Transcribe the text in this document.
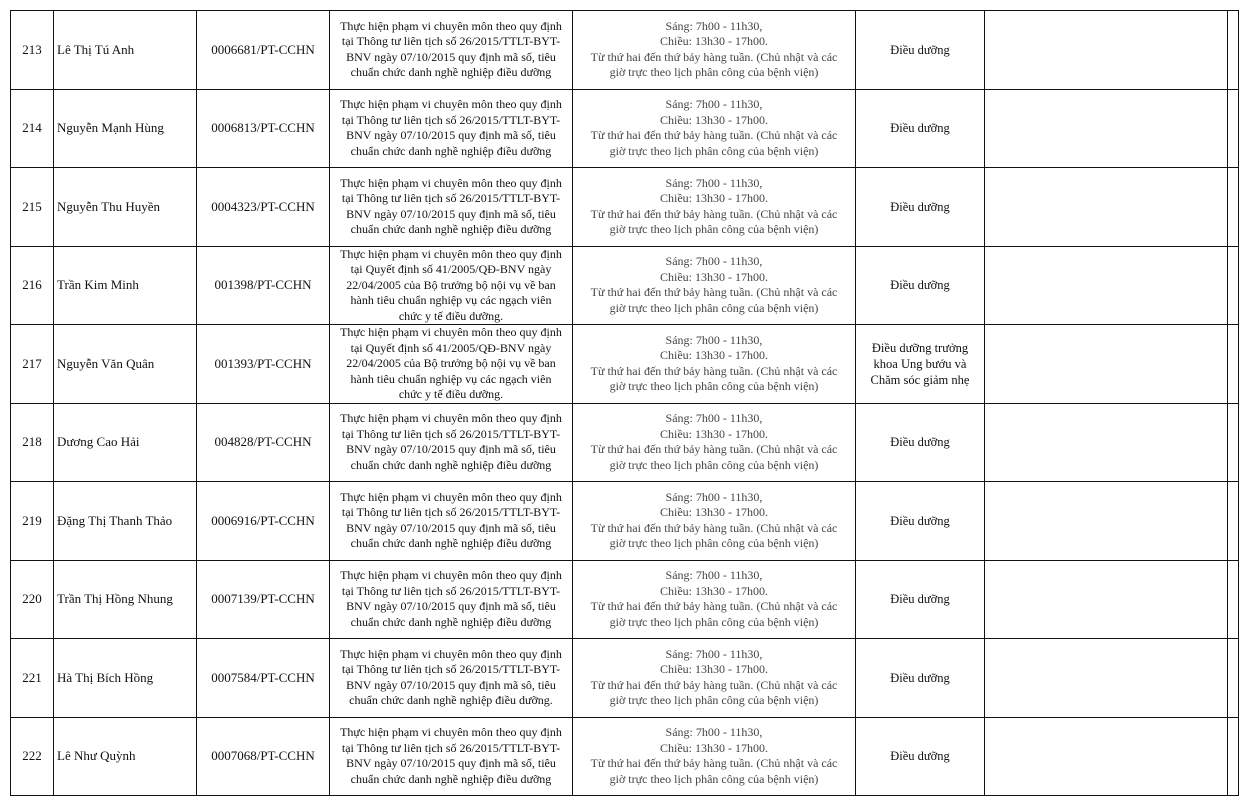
213	Lê Thị Tú Anh	0006681/PT-CCHN	Thực hiện phạm vi chuyên môn theo quy định
tại Thông tư liên tịch số 26/2015/TTLT-BYT-
BNV ngày 07/10/2015 quy định mã số, tiêu
chuẩn chức danh nghề nghiệp điều dưỡng	Sáng: 7h00 - 11h30,
Chiều: 13h30 - 17h00.
Từ thứ hai đến thứ bảy hàng tuần. (Chủ nhật và các
giờ trực theo lịch phân công của bệnh viện)	Điều dưỡng		

214	Nguyễn Mạnh Hùng	0006813/PT-CCHN	Thực hiện phạm vi chuyên môn theo quy định
tại Thông tư liên tịch số 26/2015/TTLT-BYT-
BNV ngày 07/10/2015 quy định mã số, tiêu
chuẩn chức danh nghề nghiệp điều dưỡng	Sáng: 7h00 - 11h30,
Chiều: 13h30 - 17h00.
Từ thứ hai đến thứ bảy hàng tuần. (Chủ nhật và các
giờ trực theo lịch phân công của bệnh viện)	Điều dưỡng		

215	Nguyễn Thu Huyền	0004323/PT-CCHN	Thực hiện phạm vi chuyên môn theo quy định
tại Thông tư liên tịch số 26/2015/TTLT-BYT-
BNV ngày 07/10/2015 quy định mã số, tiêu
chuẩn chức danh nghề nghiệp điều dưỡng	Sáng: 7h00 - 11h30,
Chiều: 13h30 - 17h00.
Từ thứ hai đến thứ bảy hàng tuần. (Chủ nhật và các
giờ trực theo lịch phân công của bệnh viện)	Điều dưỡng		

216	Trần Kim Minh	001398/PT-CCHN	Thực hiện phạm vi chuyên môn theo quy định
tại Quyết định số 41/2005/QĐ-BNV ngày
22/04/2005 của Bộ trưởng bộ nội vụ về ban
hành tiêu chuẩn nghiệp vụ các ngạch viên
chức y tế điều dưỡng.	Sáng: 7h00 - 11h30,
Chiều: 13h30 - 17h00.
Từ thứ hai đến thứ bảy hàng tuần. (Chủ nhật và các
giờ trực theo lịch phân công của bệnh viện)	Điều dưỡng		

217	Nguyễn Văn Quân	001393/PT-CCHN	Thực hiện phạm vi chuyên môn theo quy định
tại Quyết định số 41/2005/QĐ-BNV ngày
22/04/2005 của Bộ trưởng bộ nội vụ về ban
hành tiêu chuẩn nghiệp vụ các ngạch viên
chức y tế điều dưỡng.	Sáng: 7h00 - 11h30,
Chiều: 13h30 - 17h00.
Từ thứ hai đến thứ bảy hàng tuần. (Chủ nhật và các
giờ trực theo lịch phân công của bệnh viện)	Điều dưỡng trưởng
khoa Ung bướu và
Chăm sóc giảm nhẹ		

218	Dương Cao Hải	004828/PT-CCHN	Thực hiện phạm vi chuyên môn theo quy định
tại Thông tư liên tịch số 26/2015/TTLT-BYT-
BNV ngày 07/10/2015 quy định mã số, tiêu
chuẩn chức danh nghề nghiệp điều dưỡng	Sáng: 7h00 - 11h30,
Chiều: 13h30 - 17h00.
Từ thứ hai đến thứ bảy hàng tuần. (Chủ nhật và các
giờ trực theo lịch phân công của bệnh viện)	Điều dưỡng		

219	Đặng Thị Thanh Thảo	0006916/PT-CCHN	Thực hiện phạm vi chuyên môn theo quy định
tại Thông tư liên tịch số 26/2015/TTLT-BYT-
BNV ngày 07/10/2015 quy định mã số, tiêu
chuẩn chức danh nghề nghiệp điều dưỡng	Sáng: 7h00 - 11h30,
Chiều: 13h30 - 17h00.
Từ thứ hai đến thứ bảy hàng tuần. (Chủ nhật và các
giờ trực theo lịch phân công của bệnh viện)	Điều dưỡng		

220	Trần Thị Hồng Nhung	0007139/PT-CCHN	Thực hiện phạm vi chuyên môn theo quy định
tại Thông tư liên tịch số 26/2015/TTLT-BYT-
BNV ngày 07/10/2015 quy định mã số, tiêu
chuẩn chức danh nghề nghiệp điều dưỡng	Sáng: 7h00 - 11h30,
Chiều: 13h30 - 17h00.
Từ thứ hai đến thứ bảy hàng tuần. (Chủ nhật và các
giờ trực theo lịch phân công của bệnh viện)	Điều dưỡng		

221	Hà Thị Bích Hồng	0007584/PT-CCHN	Thực hiện phạm vi chuyên môn theo quy định
tại Thông tư liên tịch số 26/2015/TTLT-BYT-
BNV ngày 07/10/2015 quy định mã sô, tiêu
chuẩn chức danh nghề nghiệp điều dưỡng.	Sáng: 7h00 - 11h30,
Chiều: 13h30 - 17h00.
Từ thứ hai đến thứ bảy hàng tuần. (Chủ nhật và các
giờ trực theo lịch phân công của bệnh viện)	Điều dưỡng		

222	Lê Như Quỳnh	0007068/PT-CCHN	Thực hiện phạm vi chuyên môn theo quy định
tại Thông tư liên tịch số 26/2015/TTLT-BYT-
BNV ngày 07/10/2015 quy định mã số, tiêu
chuẩn chức danh nghề nghiệp điều dưỡng	Sáng: 7h00 - 11h30,
Chiều: 13h30 - 17h00.
Từ thứ hai đến thứ bảy hàng tuần. (Chủ nhật và các
giờ trực theo lịch phân công của bệnh viện)	Điều dưỡng		
